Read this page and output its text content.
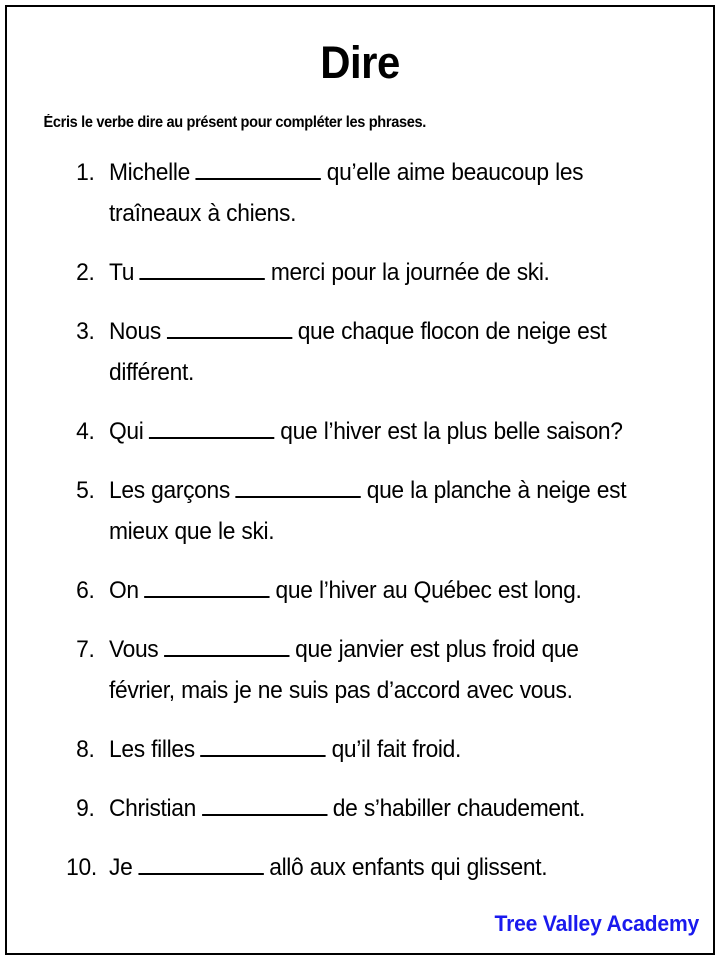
Dire

Écris le verbe dire au présent pour compléter les phrases.

1. Michelle	qu’elle aime beaucoup les traîneaux à chiens.
2. Tu	merci pour la journée de ski.
3. Nous	que chaque flocon de neige est différent.
4. Qui	que l’hiver est la plus belle saison?
5. Les garçons	que la planche à neige est mieux que le ski.
6. On	que l’hiver au Québec est long.
7. Vous	que janvier est plus froid que février, mais je ne suis pas d’accord avec vous.
8. Les filles	qu’il fait froid.
9. Christian	de s’habiller chaudement.
10. Je	allô aux enfants qui glissent.
Tree Valley Academy
